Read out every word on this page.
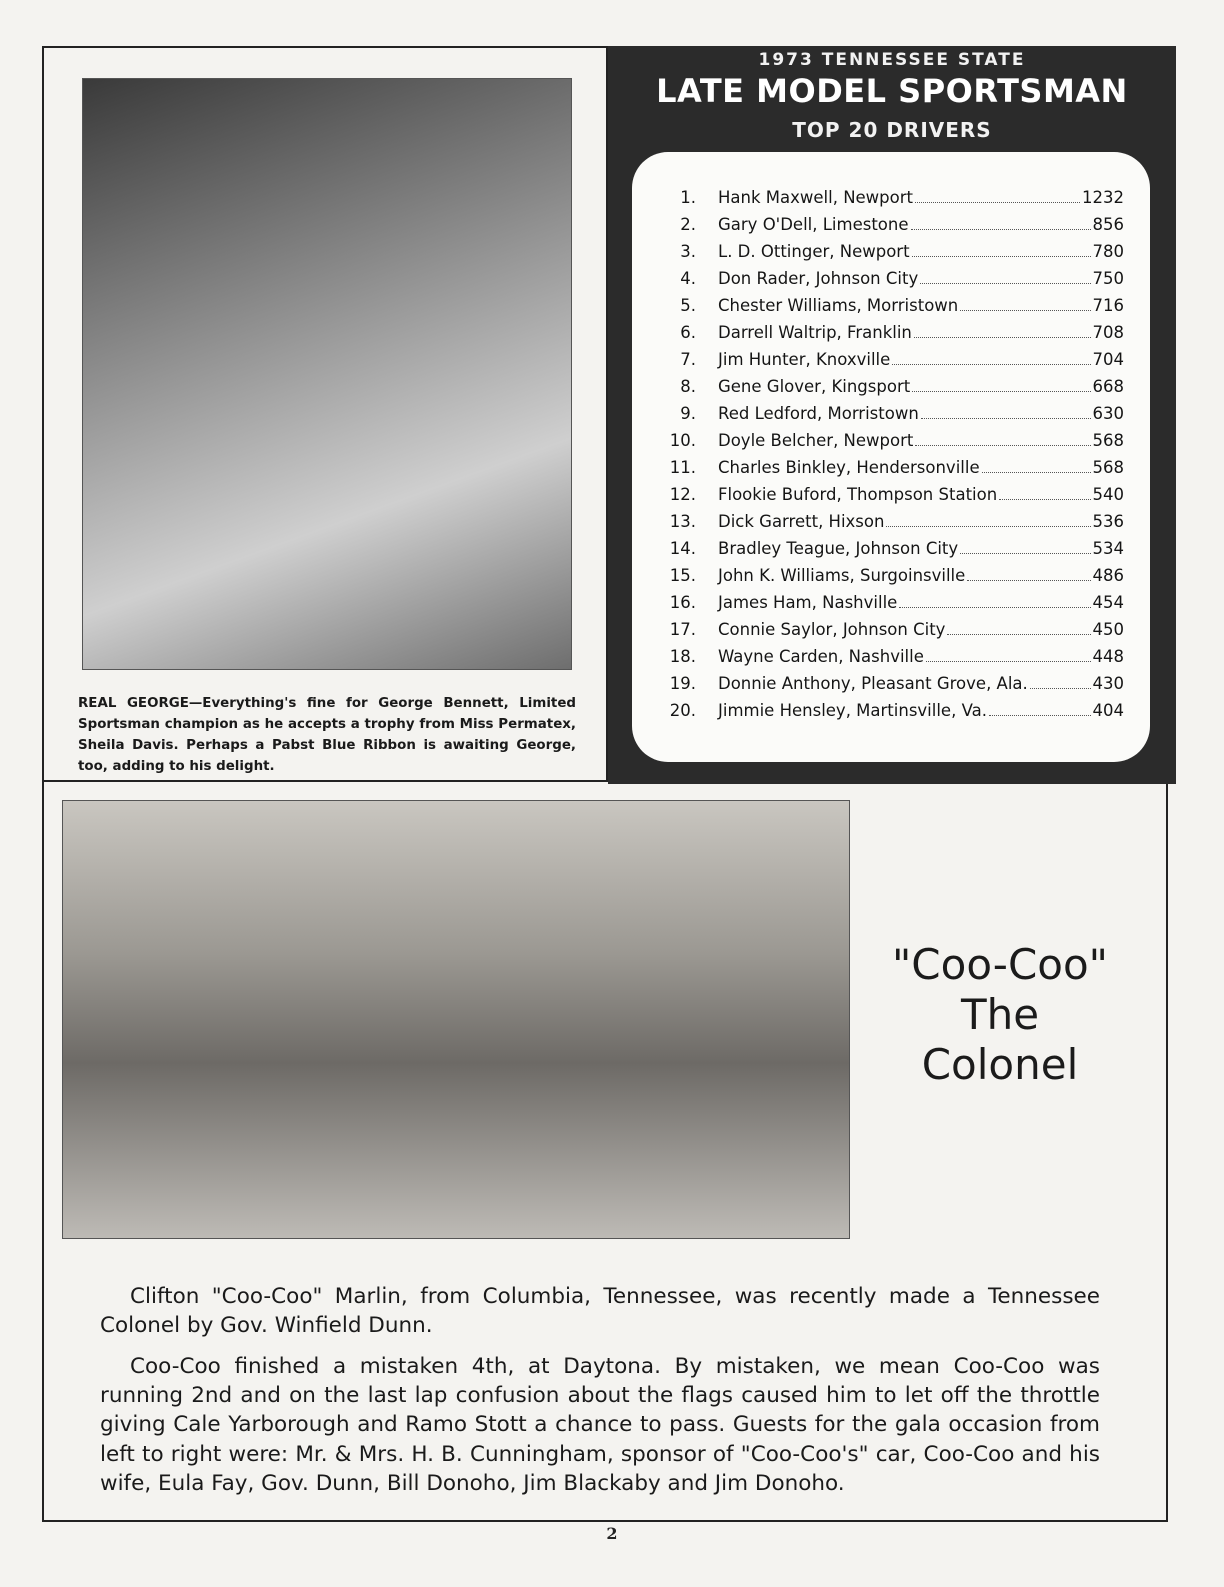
REAL GEORGE—Everything's fine for George Bennett, Limited Sportsman champion as he accepts a trophy from Miss Permatex, Sheila Davis. Perhaps a Pabst Blue Ribbon is awaiting George, too, adding to his delight.

1973 TENNESSEE STATE
LATE MODEL SPORTSMAN
TOP 20 DRIVERS
1. Hank Maxwell, Newport	1232
2. Gary O'Dell, Limestone	856
3. L. D. Ottinger, Newport	780
4. Don Rader, Johnson City	750
5. Chester Williams, Morristown	716
6. Darrell Waltrip, Franklin	708
7. Jim Hunter, Knoxville	704
8. Gene Glover, Kingsport	668
9. Red Ledford, Morristown	630
10. Doyle Belcher, Newport	568
11. Charles Binkley, Hendersonville	568
12. Flookie Buford, Thompson Station	540
13. Dick Garrett, Hixson	536
14. Bradley Teague, Johnson City	534
15. John K. Williams, Surgoinsville	486
16. James Ham, Nashville	454
17. Connie Saylor, Johnson City	450
18. Wayne Carden, Nashville	448
19. Donnie Anthony, Pleasant Grove, Ala.	430
20. Jimmie Hensley, Martinsville, Va.	404
"Coo-Coo"
The
Colonel

Clifton "Coo-Coo" Marlin, from Columbia, Tennessee, was recently made a Tennessee Colonel by Gov. Winfield Dunn.

Coo-Coo finished a mistaken 4th, at Daytona. By mistaken, we mean Coo-Coo was running 2nd and on the last lap confusion about the flags caused him to let off the throttle giving Cale Yarborough and Ramo Stott a chance to pass. Guests for the gala occasion from left to right were: Mr. & Mrs. H. B. Cunningham, sponsor of "Coo-Coo's" car, Coo-Coo and his wife, Eula Fay, Gov. Dunn, Bill Donoho, Jim Blackaby and Jim Donoho.

2
